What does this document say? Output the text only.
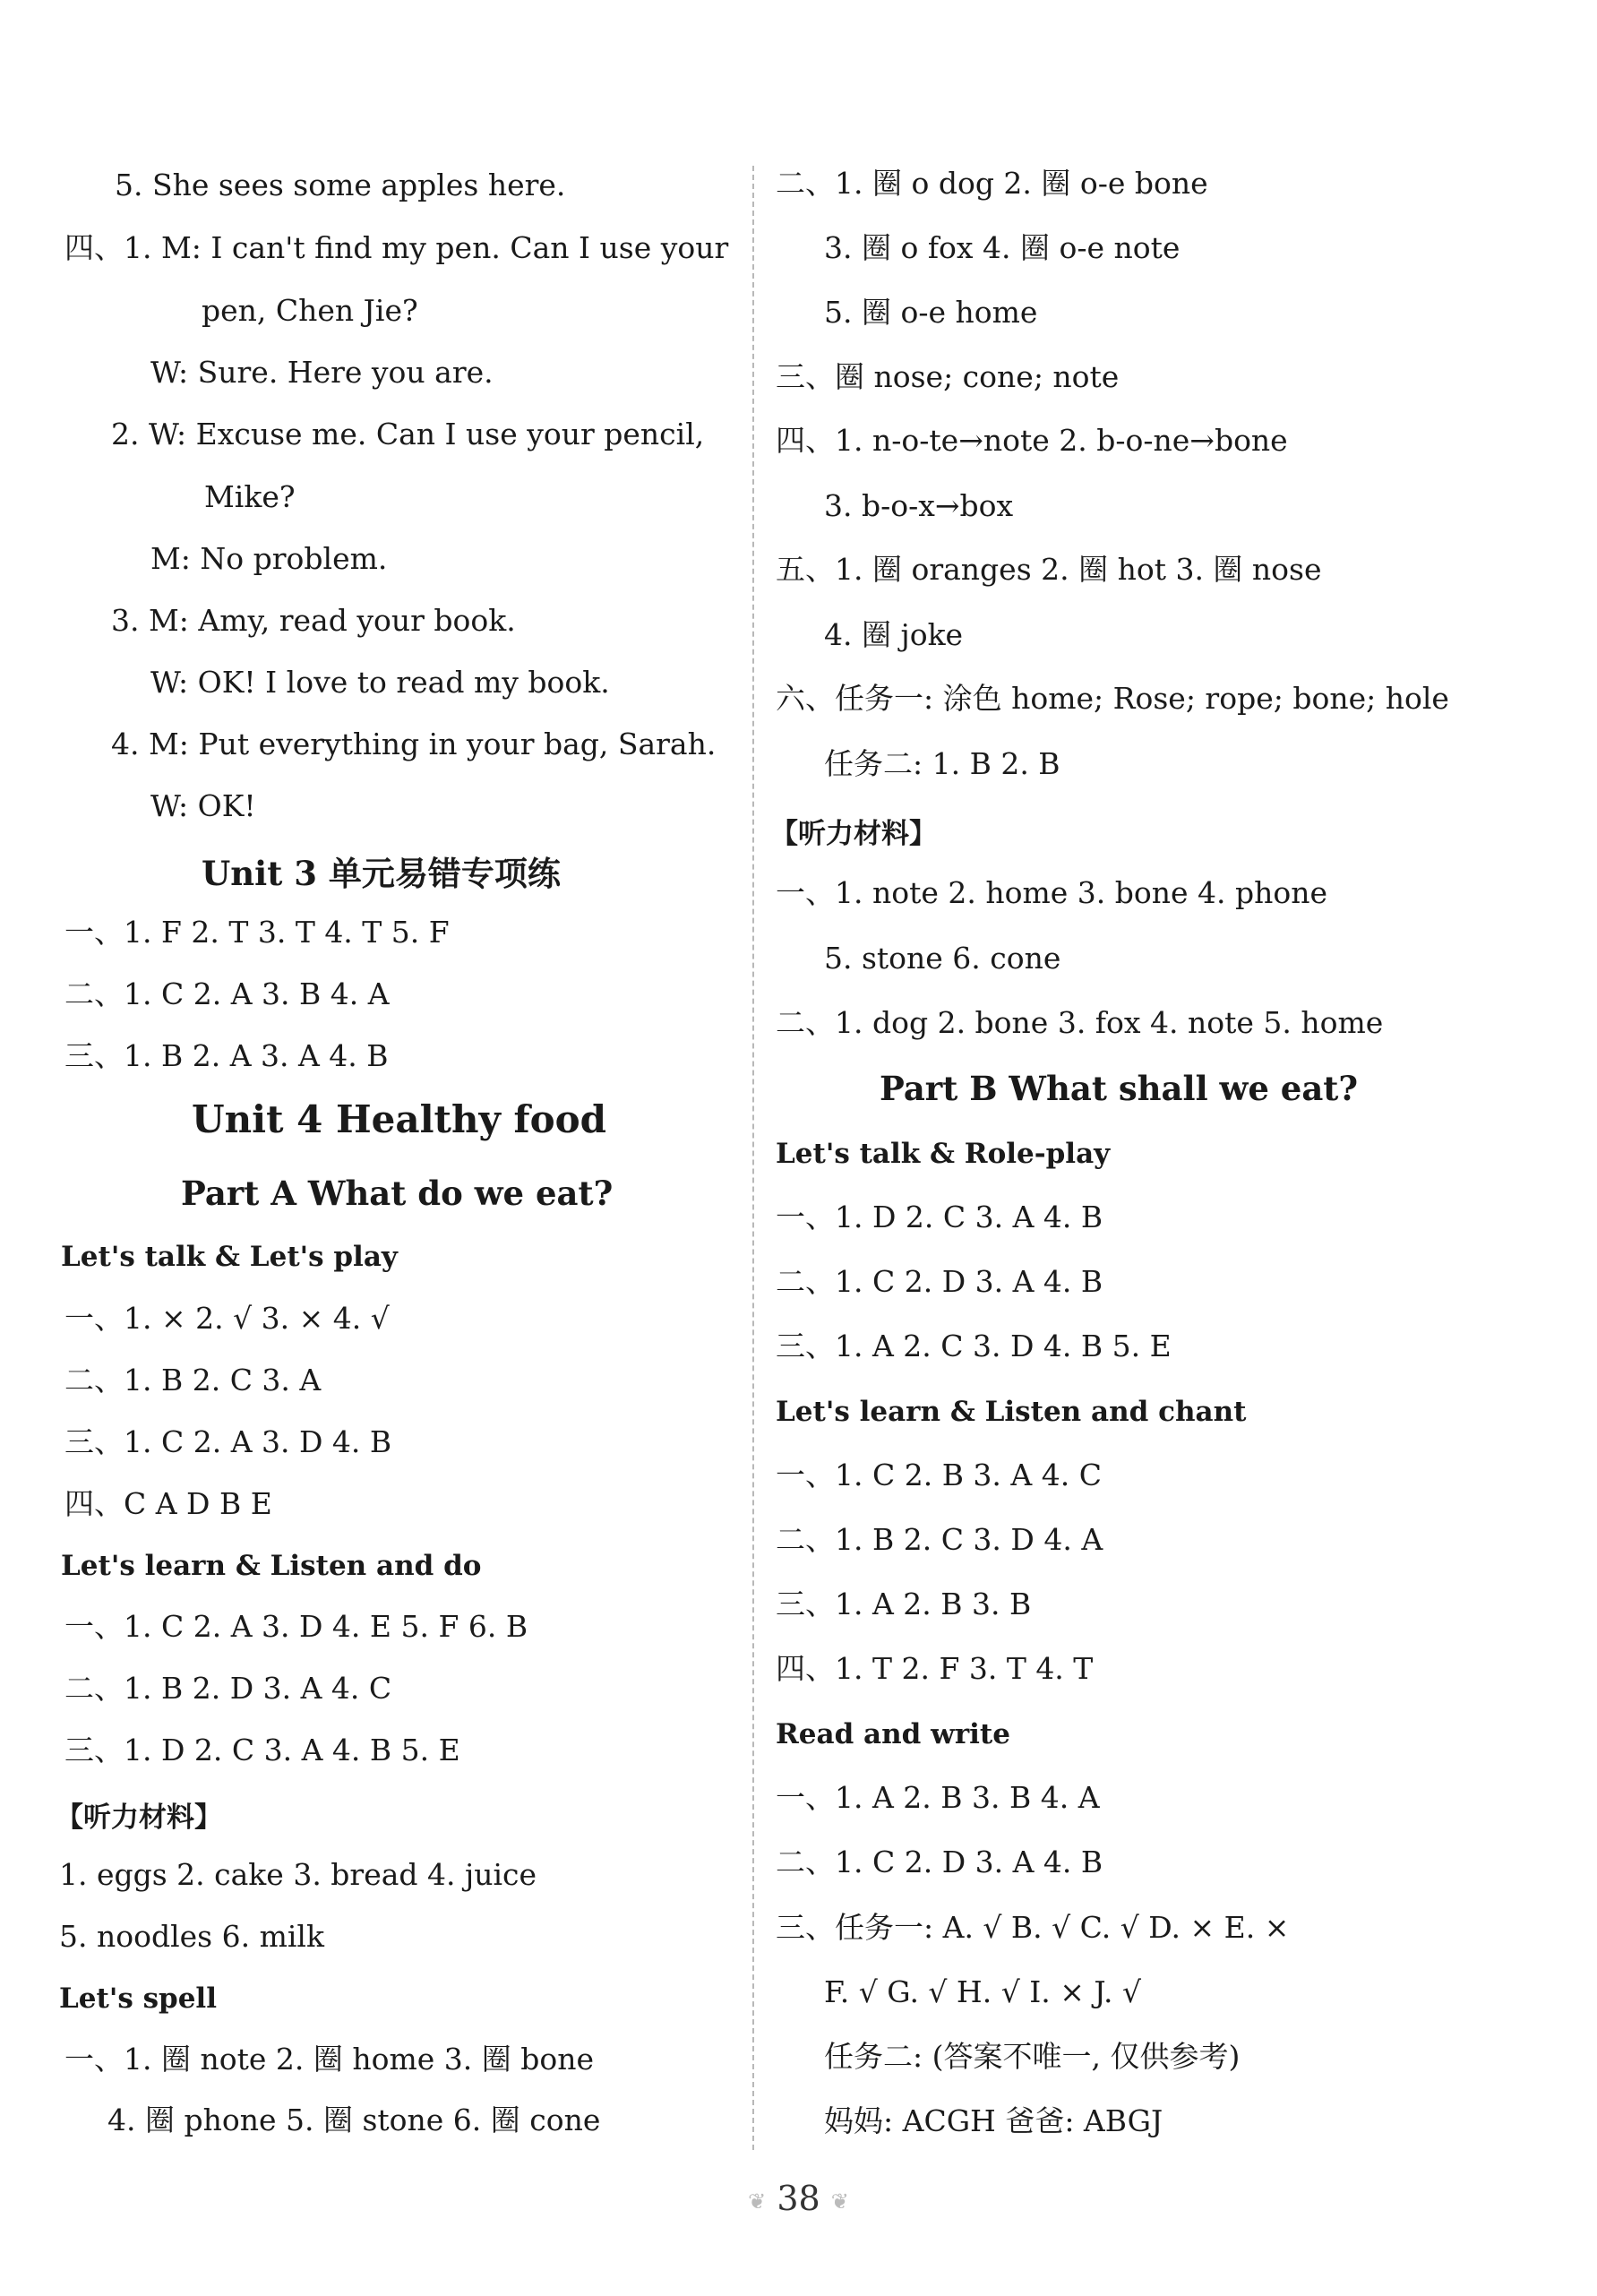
5. She sees some apples here.
四、1. M: I can't find my pen. Can I use your
pen, Chen Jie?
W: Sure. Here you are.
2. W: Excuse me. Can I use your pencil,
Mike?
M: No problem.
3. M: Amy, read your book.
W: OK! I love to read my book.
4. M: Put everything in your bag, Sarah.
W: OK!
Unit 3 单元易错专项练
一、1. F 2. T 3. T 4. T 5. F
二、1. C 2. A 3. B 4. A
三、1. B 2. A 3. A 4. B
Unit 4 Healthy food
Part A What do we eat?
Let's talk & Let's play
一、1. × 2. √ 3. × 4. √
二、1. B 2. C 3. A
三、1. C 2. A 3. D 4. B
四、C A D B E
Let's learn & Listen and do
一、1. C 2. A 3. D 4. E 5. F 6. B
二、1. B 2. D 3. A 4. C
三、1. D 2. C 3. A 4. B 5. E
【听力材料】
1. eggs 2. cake 3. bread 4. juice
5. noodles 6. milk
Let's spell
一、1. 圈 note 2. 圈 home 3. 圈 bone
4. 圈 phone 5. 圈 stone 6. 圈 cone
二、1. 圈 o dog 2. 圈 o-e bone
3. 圈 o fox 4. 圈 o-e note
5. 圈 o-e home
三、圈 nose; cone; note
四、1. n-o-te→note 2. b-o-ne→bone
3. b-o-x→box
五、1. 圈 oranges 2. 圈 hot 3. 圈 nose
4. 圈 joke
六、任务一: 涂色 home; Rose; rope; bone; hole
任务二: 1. B 2. B
【听力材料】
一、1. note 2. home 3. bone 4. phone
5. stone 6. cone
二、1. dog 2. bone 3. fox 4. note 5. home
Part B What shall we eat?
Let's talk & Role-play
一、1. D 2. C 3. A 4. B
二、1. C 2. D 3. A 4. B
三、1. A 2. C 3. D 4. B 5. E
Let's learn & Listen and chant
一、1. C 2. B 3. A 4. C
二、1. B 2. C 3. D 4. A
三、1. A 2. B 3. B
四、1. T 2. F 3. T 4. T
Read and write
一、1. A 2. B 3. B 4. A
二、1. C 2. D 3. A 4. B
三、任务一: A. √ B. √ C. √ D. × E. ×
F. √ G. √ H. √ I. × J. √
任务二: (答案不唯一, 仅供参考)
妈妈: ACGH 爸爸: ABGJ
❦ 38 ❦
